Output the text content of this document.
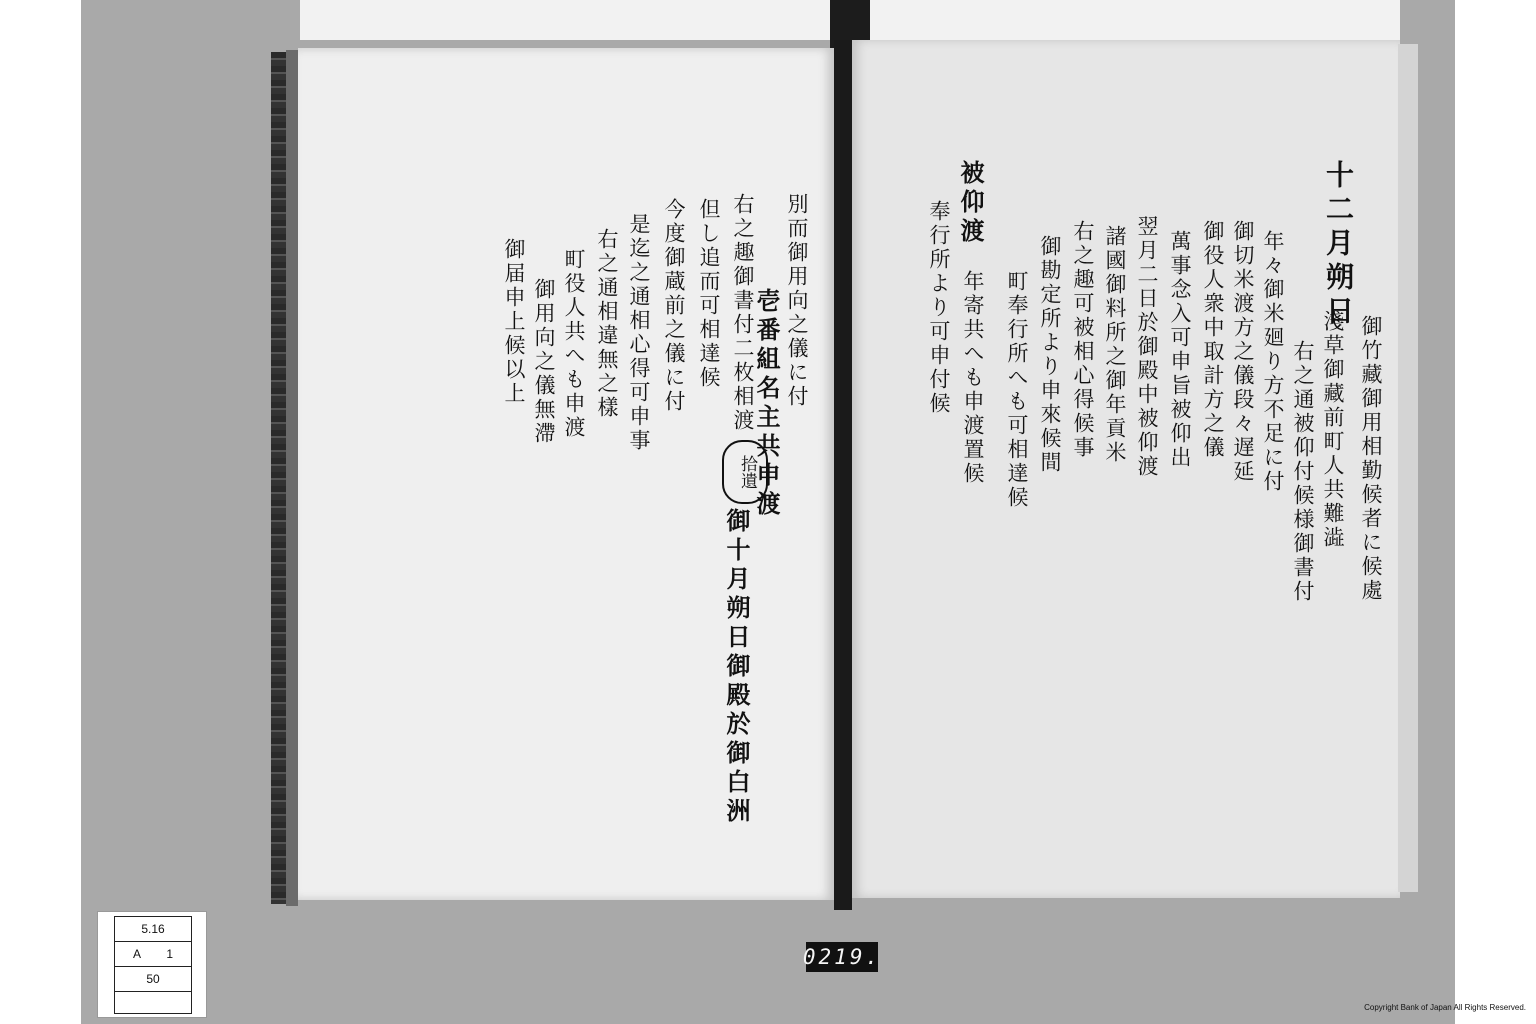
壱番組名主共申渡
御十月朔日御殿於御白洲
別而御用向之儀に付
右之趣御書付二枚相渡
但し追而可相達候
今度御蔵前之儀に付
是迄之通相心得可申事
右之通相違無之樣
町役人共へも申渡
御用向之儀無滯
御届申上候以上
拾遺
十二月朔日
被仰渡
御竹藏御用相勤候者に候處
淺草御藏前町人共難澁
右之通被仰付候様御書付
年々御米廻り方不足に付
御切米渡方之儀段々遅延
御役人衆中取計方之儀
萬事念入可申旨被仰出
翌月二日於御殿中被仰渡
諸國御料所之御年貢米
右之趣可被相心得候事
御勘定所より申來候間
町奉行所へも可相達候
年寄共へも申渡置候
奉行所より可申付候
5.16
A 1
50
0219.
Copyright Bank of Japan All Rights Reserved.
